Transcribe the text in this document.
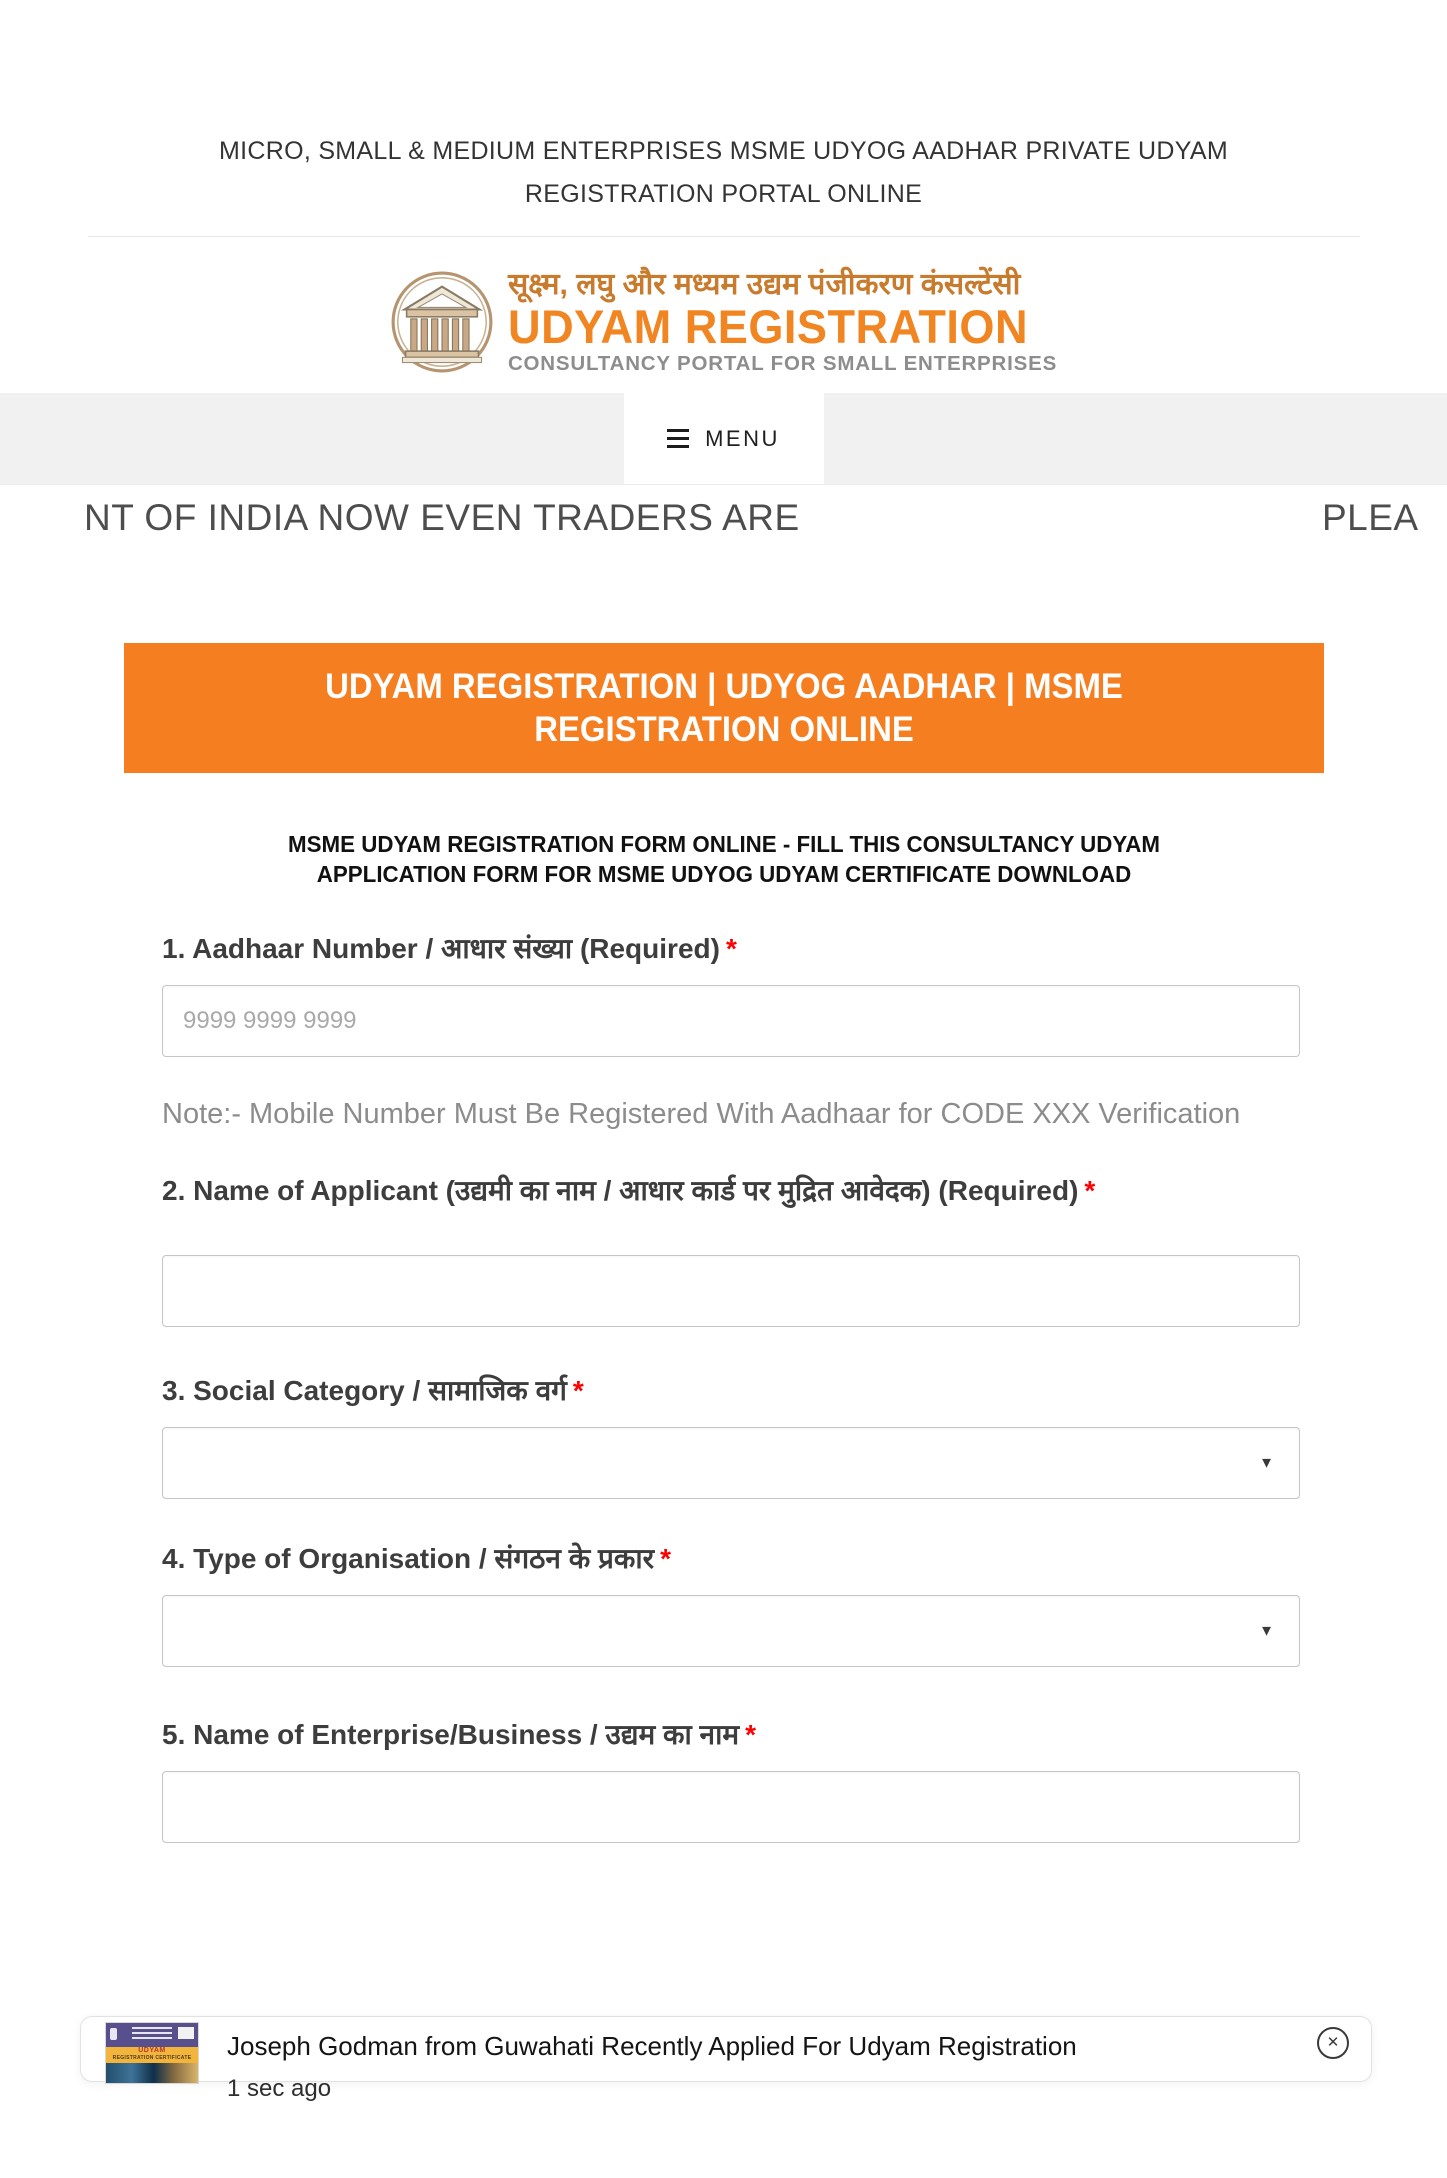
MICRO, SMALL & MEDIUM ENTERPRISES MSME UDYOG AADHAR PRIVATE UDYAM REGISTRATION PORTAL ONLINE
सूक्ष्म, लघु और मध्यम उद्यम पंजीकरण कंसल्टेंसी
UDYAM REGISTRATION
CONSULTANCY PORTAL FOR SMALL ENTERPRISES
MENU
NT OF INDIA NOW EVEN TRADERS ARE	PLEA
UDYAM REGISTRATION | UDYOG AADHAR | MSME REGISTRATION ONLINE
MSME UDYAM REGISTRATION FORM ONLINE - FILL THIS CONSULTANCY UDYAM APPLICATION FORM FOR MSME UDYOG UDYAM CERTIFICATE DOWNLOAD
1. Aadhaar Number / आधार संख्या (Required) *
9999 9999 9999
Note:- Mobile Number Must Be Registered With Aadhaar for CODE XXX Verification
2. Name of Applicant (उद्यमी का नाम / आधार कार्ड पर मुद्रित आवेदक) (Required) *
3. Social Category / सामाजिक वर्ग *
▼
4. Type of Organisation / संगठन के प्रकार *
▼
5. Name of Enterprise/Business / उद्यम का नाम *
UDYAM
REGISTRATION CERTIFICATE Joseph Godman from Guwahati Recently Applied For Udyam Registration
1 sec ago
✕
